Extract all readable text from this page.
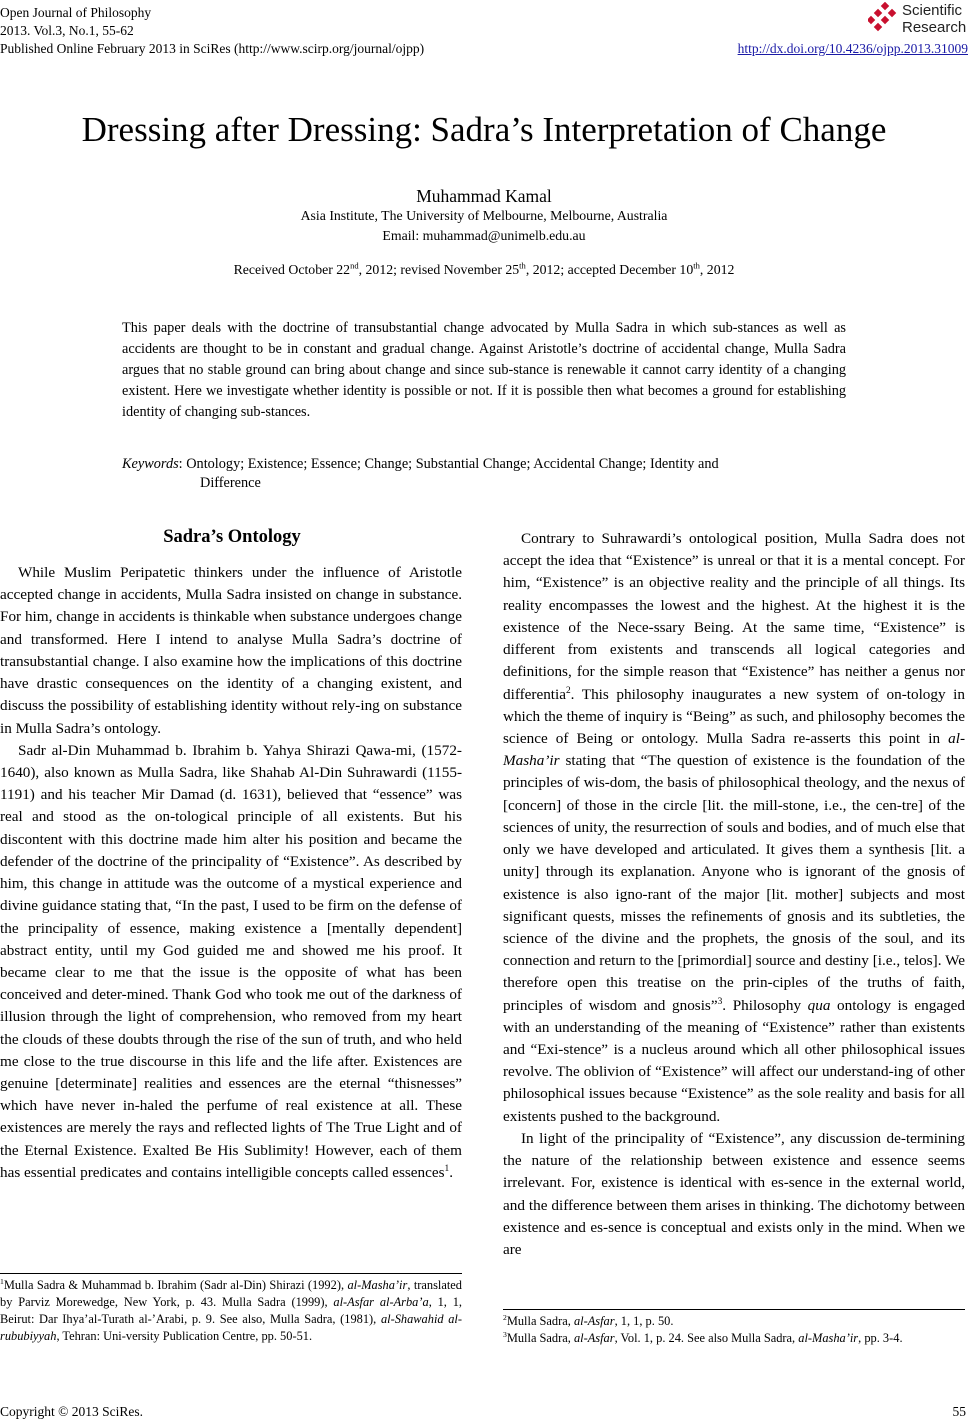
Open Journal of Philosophy
2013. Vol.3, No.1, 55-62
Published Online February 2013 in SciRes (http://www.scirp.org/journal/ojpp)	http://dx.doi.org/10.4236/ojpp.2013.31009
Scientific
Research
Dressing after Dressing: Sadra’s Interpretation of Change
Muhammad Kamal
Asia Institute, The University of Melbourne, Melbourne, Australia
Email: muhammad@unimelb.edu.au
Received October 22nd, 2012; revised November 25th, 2012; accepted December 10th, 2012
This paper deals with the doctrine of transubstantial change advocated by Mulla Sadra in which sub-stances as well as accidents are thought to be in constant and gradual change. Against Aristotle’s doctrine of accidental change, Mulla Sadra argues that no stable ground can bring about change and since sub-stance is renewable it cannot carry identity of a changing existent. Here we investigate whether identity is possible or not. If it is possible then what becomes a ground for establishing identity of changing sub-stances.
Keywords: Ontology; Existence; Essence; Change; Substantial Change; Accidental Change; Identity and
Difference
Sadra’s Ontology

While Muslim Peripatetic thinkers under the influence of Aristotle accepted change in accidents, Mulla Sadra insisted on change in substance. For him, change in accidents is thinkable when substance undergoes change and transformed. Here I intend to analyse Mulla Sadra’s doctrine of transubstantial change. I also examine how the implications of this doctrine have drastic consequences on the identity of a changing existent, and discuss the possibility of establishing identity without rely-ing on substance in Mulla Sadra’s ontology.

Sadr al-Din Muhammad b. Ibrahim b. Yahya Shirazi Qawa-mi, (1572-1640), also known as Mulla Sadra, like Shahab Al-Din Suhrawardi (1155-1191) and his teacher Mir Damad (d. 1631), believed that “essence” was real and stood as the on-tological principle of all existents. But his discontent with this doctrine made him alter his position and became the defender of the doctrine of the principality of “Existence”. As described by him, this change in attitude was the outcome of a mystical experience and divine guidance stating that, “In the past, I used to be firm on the defense of the principality of essence, making existence a [mentally dependent] abstract entity, until my God guided me and showed me his proof. It became clear to me that the issue is the opposite of what has been conceived and deter-mined. Thank God who took me out of the darkness of illusion through the light of comprehension, who removed from my heart the clouds of these doubts through the rise of the sun of truth, and who held me close to the true discourse in this life and the life after. Existences are genuine [determinate] realities and essences are the eternal “thisnesses” which have never in-haled the perfume of real existence at all. These existences are merely the rays and reflected lights of The True Light and of the Eternal Existence. Exalted Be His Sublimity! However, each of them has essential predicates and contains intelligible concepts called essences$^1$.

$^1$Mulla Sadra & Muhammad b. Ibrahim (Sadr al-Din) Shirazi (1992), al-Masha’ir, translated by Parviz Morewedge, New York, p. 43. Mulla Sadra (1999), al-Asfar al-Arba’a, 1, 1, Beirut: Dar Ihya’al-Turath al-’Arabi, p. 9. See also, Mulla Sadra, (1981), al-Shawahid al-rububiyyah, Tehran: Uni-versity Publication Centre, pp. 50-51.

Contrary to Suhrawardi’s ontological position, Mulla Sadra does not accept the idea that “Existence” is unreal or that it is a mental concept. For him, “Existence” is an objective reality and the principle of all things. Its reality encompasses the lowest and the highest. At the highest it is the existence of the Nece-ssary Being. At the same time, “Existence” is different from existents and transcends all logical categories and definitions, for the simple reason that “Existence” has neither a genus nor differentia$^2$. This philosophy inaugurates a new system of on-tology in which the theme of inquiry is “Being” as such, and philosophy becomes the science of Being or ontology. Mulla Sadra re-asserts this point in al-Masha’ir stating that “The question of existence is the foundation of the principles of wis-dom, the basis of philosophical theology, and the nexus of [concern] of those in the circle [lit. the mill-stone, i.e., the cen-tre] of the sciences of unity, the resurrection of souls and bodies, and of much else that only we have developed and articulated. It gives them a synthesis [lit. a unity] through its explanation. Anyone who is ignorant of the gnosis of existence is also igno-rant of the major [lit. mother] subjects and most significant quests, misses the refinements of gnosis and its subtleties, the science of the divine and the prophets, the gnosis of the soul, and its connection and return to the [primordial] source and destiny [i.e., telos]. We therefore open this treatise on the prin-ciples of the truths of faith, principles of wisdom and gnosis”$^3$. Philosophy qua ontology is engaged with an understanding of the meaning of “Existence” rather than existents and “Exi-stence” is a nucleus around which all other philosophical issues revolve. The oblivion of “Existence” will affect our understand-ing of other philosophical issues because “Existence” as the sole reality and basis for all existents pushed to the background.

In light of the principality of “Existence”, any discussion de-termining the nature of the relationship between existence and essence seems irrelevant. For, existence is identical with es-sence in the external world, and the difference between them arises in thinking. The dichotomy between existence and es-sence is conceptual and exists only in the mind. When we are

$^2$Mulla Sadra, al-Asfar, 1, 1, p. 50.

$^3$Mulla Sadra, al-Asfar, Vol. 1, p. 24. See also Mulla Sadra, al-Masha’ir, pp. 3-4.

Copyright © 2013 SciRes.	55
